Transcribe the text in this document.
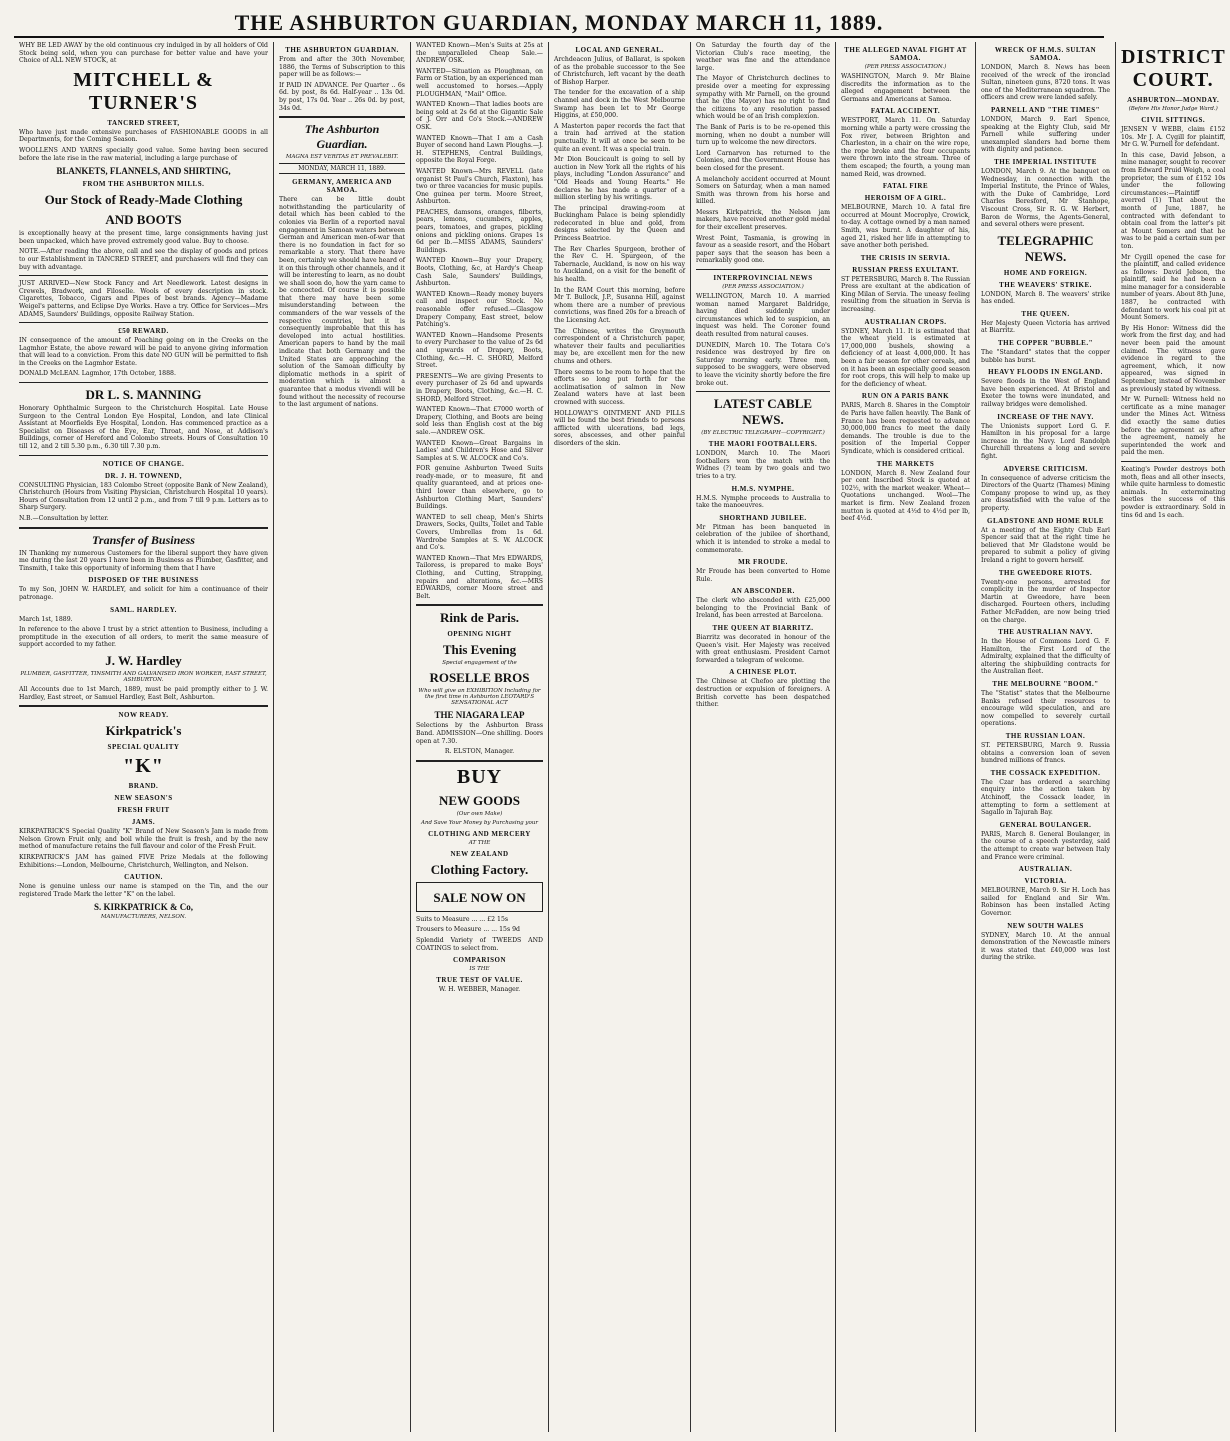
THE ASHBURTON GUARDIAN, MONDAY MARCH 11, 1889.

WHY BE LED AWAY by the old continuous cry indulged in by all holders of Old Stock being sold, when you can purchase for better value and have your Choice of ALL NEW STOCK, at

MITCHELL & TURNER'S
TANCRED STREET,

Who have just made extensive purchases of FASHIONABLE GOODS in all Departments, for the Coming Season.

WOOLLENS AND YARNS specially good value. Some having been secured before the late rise in the raw material, including a large purchase of

BLANKETS, FLANNELS, AND SHIRTING,
FROM THE ASHBURTON MILLS.
Our Stock of Ready-Made Clothing
AND BOOTS

is exceptionally heavy at the present time, large consignments having just been unpacked, which have proved extremely good value. Buy to choose.

NOTE.—After reading the above, call and see the display of goods and prices to our Establishment in TANCRED STREET, and purchasers will find they can buy with advantage.

JUST ARRIVED—New Stock Fancy and Art Needlework. Latest designs in Crewels, Bradwork, and Filoselle. Wools of every description in stock. Cigarettes, Tobacco, Cigars and Pipes of best brands. Agency—Madame Weigel's patterns, and Eclipse Dye Works. Have a try. Office for Services—Mrs ADAMS, Saunders' Buildings, opposite Railway Station.

£50 REWARD.

IN consequence of the amount of Poaching going on in the Creeks on the Lagmhor Estate, the above reward will be paid to anyone giving information that will lead to a conviction. From this date NO GUN will be permitted to fish in the Creeks on the Lagmhor Estate.

DONALD McLEAN. Lagmhor, 17th October, 1888.

DR L. S. MANNING

Honorary Ophthalmic Surgeon to the Christchurch Hospital. Late House Surgeon to the Central London Eye Hospital, London, and late Clinical Assistant at Moorfields Eye Hospital, London. Has commenced practice as a Specialist on Diseases of the Eye, Ear, Throat, and Nose, at Addison's Buildings, corner of Hereford and Colombo streets. Hours of Consultation 10 till 12, and 2 till 5.30 p.m., 6.30 till 7.30 p.m.

NOTICE OF CHANGE.
DR. J. H. TOWNEND,

CONSULTING Physician, 183 Colombo Street (opposite Bank of New Zealand), Christchurch (Hours from Visiting Physician, Christchurch Hospital 10 years). Hours of Consultation from 12 until 2 p.m., and from 7 till 9 p.m. Letters as to Sharp Surgery.

N.B.—Consultation by letter.

Transfer of Business

IN Thanking my numerous Customers for the liberal support they have given me during the last 20 years I have been in Business as Plumber, Gasfitter, and Tinsmith, I take this opportunity of informing them that I have

DISPOSED OF THE BUSINESS

To my Son, JOHN W. HARDLEY, and solicit for him a continuance of their patronage.

SAML. HARDLEY.

March 1st, 1889.

In reference to the above I trust by a strict attention to Business, including a promptitude in the execution of all orders, to merit the same measure of support accorded to my father.

J. W. Hardley
PLUMBER, GASFITTER, TINSMITH AND GALVANISED IRON WORKER, EAST STREET, ASHBURTON.

All Accounts due to 1st March, 1889, must be paid promptly either to J. W. Hardley, East street, or Samuel Hardley, East Belt, Ashburton.

NOW READY.
Kirkpatrick's
SPECIAL QUALITY
"K"
BRAND.
NEW SEASON'S
FRESH FRUIT
JAMS.

KIRKPATRICK'S Special Quality "K" Brand of New Season's Jam is made from Nelson Grown Fruit only, and boil while the fruit is fresh, and by the new method of manufacture retains the full flavour and color of the Fresh Fruit.

KIRKPATRICK'S JAM has gained FIVE Prize Medals at the following Exhibitions:—London, Melbourne, Christchurch, Wellington, and Nelson.

CAUTION.

None is genuine unless our name is stamped on the Tin, and the our registered Trade Mark the letter "K" on the label.

S. KIRKPATRICK & Co,
MANUFACTURERS, NELSON.
THE ASHBURTON GUARDIAN.

From and after the 30th November, 1886, the Terms of Subscription to this paper will be as follows:—

If PAID IN ADVANCE. Per Quarter .. 6s 6d. by post, 8s 6d. Half-year .. 13s 0d. by post, 17s 0d. Year .. 26s 0d. by post, 34s 0d.

The Ashburton Guardian.
MAGNA EST VERITAS ET PREVALEBIT.
MONDAY, MARCH 11, 1889.
GERMANY, AMERICA AND SAMOA.

There can be little doubt notwithstanding the particularity of detail which has been cabled to the colonies via Berlin of a reported naval engagement in Samoan waters between German and American men-of-war that there is no foundation in fact for so remarkable a story. That there have been, certainly we should have heard of it on this through other channels, and it will be interesting to learn, as no doubt we shall soon do, how the yarn came to be concocted. Of course it is possible that there may have been some misunderstanding between the commanders of the war vessels of the respective countries, but it is consequently improbable that this has developed into actual hostilities. American papers to hand by the mail indicate that both Germany and the United States are approaching the solution of the Samoan difficulty by diplomatic methods in a spirit of moderation which is almost a guarantee that a modus vivendi will be found without the necessity of recourse to the last argument of nations.

WANTED Known—Men's Suits at 25s at the unparalleled Cheap Sale.—ANDREW OSK.

WANTED—Situation as Ploughman, on Farm or Station, by an experienced man well accustomed to horses.—Apply PLOUGHMAN, "Mail" Office.

WANTED Known—That ladies boots are being sold at 2s 6d at the Gigantic Sale of J. Orr and Co's Stock.—ANDREW OSK.

WANTED Known—That I am a Cash Buyer of second hand Lawn Ploughs.—J. H. STEPHENS, Central Buildings, opposite the Royal Forge.

WANTED Known—Mrs REVELL (late organist St Paul's Church, Flaxton), has two or three vacancies for music pupils. One guinea per term. Moore Street, Ashburton.

PEACHES, damsons, oranges, filberts, pears, lemons, cucumbers, apples, pears, tomatoes, and grapes, pickling onions and pickling onions. Grapes 1s 6d per lb.—MISS ADAMS, Saunders' Buildings.

WANTED Known—Buy your Drapery, Boots, Clothing, &c, at Hardy's Cheap Cash Sale, Saunders' Buildings, Ashburton.

WANTED Known—Ready money buyers call and inspect our Stock. No reasonable offer refused.—Glasgow Drapery Company, East street, below Patching's.

WANTED Known—Handsome Presents to every Purchaser to the value of 2s 6d and upwards of Drapery, Boots, Clothing, &c.—H. C. SHORD, Melford Street.

PRESENTS—We are giving Presents to every purchaser of 2s 6d and upwards in Drapery, Boots, Clothing, &c.—H. C. SHORD, Melford Street.

WANTED Known—That £7000 worth of Drapery, Clothing, and Boots are being sold less than English cost at the big sale.—ANDREW OSK.

WANTED Known—Great Bargains in Ladies' and Children's Hose and Silver Samples at S. W. ALCOCK and Co's.

FOR genuine Ashburton Tweed Suits ready-made, or to measure, fit and quality guaranteed, and at prices one-third lower than elsewhere, go to Ashburton Clothing Mart, Saunders' Buildings.

WANTED to sell cheap, Men's Shirts Drawers, Socks, Quilts, Toilet and Table Covers, Umbrellas from 1s 6d. Wardrobe Samples at S. W. ALCOCK and Co's.

WANTED Known—That Mrs EDWARDS, Tailoress, is prepared to make Boys' Clothing, and Cutting, Strapping, repairs and alterations, &c.—MRS EDWARDS, corner Moore street and Belt.

Rink de Paris.
OPENING NIGHT
This Evening
Special engagement of the
ROSELLE BROS
Who will give an EXHIBITION Including for the first time in Ashburton LEOTARD'S SENSATIONAL ACT
THE NIAGARA LEAP

Selections by the Ashburton Brass Band. ADMISSION—One shilling. Doors open at 7.30.

R. ELSTON, Manager.

BUY
NEW GOODS
(Our own Make)
And Save Your Money by Purchasing your
CLOTHING AND MERCERY
AT THE
NEW ZEALAND
Clothing Factory.
SALE NOW ON

Suits to Measure ... ... £2 15s

Trousers to Measure ... ... 15s 9d

Splendid Variety of TWEEDS AND COATINGS to select from.

COMPARISON
IS THE
TRUE TEST OF VALUE.

W. H. WEBBER, Manager.

LOCAL AND GENERAL.

Archdeacon Julius, of Ballarat, is spoken of as the probable successor to the See of Christchurch, left vacant by the death of Bishop Harper.

The tender for the excavation of a ship channel and dock in the West Melbourne Swamp has been let to Mr George Higgins, at £50,000.

A Masterton paper records the fact that a train had arrived at the station punctually. It will at once be seen to be quite an event. It was a special train.

Mr Dion Boucicault is going to sell by auction in New York all the rights of his plays, including "London Assurance" and "Old Heads and Young Hearts." He declares he has made a quarter of a million sterling by his writings.

The principal drawing-room at Buckingham Palace is being splendidly redecorated in blue and gold, from designs selected by the Queen and Princess Beatrice.

The Rev Charles Spurgeon, brother of the Rev C. H. Spurgeon, of the Tabernacle, Auckland, is now on his way to Auckland, on a visit for the benefit of his health.

In the RAM Court this morning, before Mr T. Bullock, J.P., Susanna Hill, against whom there are a number of previous convictions, was fined 20s for a breach of the Licensing Act.

The Chinese, writes the Greymouth correspondent of a Christchurch paper, whatever their faults and peculiarities may be, are excellent men for the new chums and others.

There seems to be room to hope that the efforts so long put forth for the acclimatisation of salmon in New Zealand waters have at last been crowned with success.

HOLLOWAY'S OINTMENT AND PILLS will be found the best friends to persons afflicted with ulcerations, bad legs, sores, abscesses, and other painful disorders of the skin.

On Saturday the fourth day of the Victorian Club's race meeting, the weather was fine and the attendance large.

The Mayor of Christchurch declines to preside over a meeting for expressing sympathy with Mr Parnell, on the ground that he (the Mayor) has no right to find the citizens to any resolution passed which would be of an Irish complexion.

The Bank of Paris is to be re-opened this morning, when no doubt a number will turn up to welcome the new directors.

Lord Carnarvon has returned to the Colonies, and the Government House has been closed for the present.

A melancholy accident occurred at Mount Somers on Saturday, when a man named Smith was thrown from his horse and killed.

Messrs Kirkpatrick, the Nelson jam makers, have received another gold medal for their excellent preserves.

Wrest Point, Tasmania, is growing in favour as a seaside resort, and the Hobart paper says that the season has been a remarkably good one.

INTERPROVINCIAL NEWS
(PER PRESS ASSOCIATION.)

WELLINGTON, March 10. A married woman named Margaret Baldridge, having died suddenly under circumstances which led to suspicion, an inquest was held. The Coroner found death resulted from natural causes.

DUNEDIN, March 10. The Totara Co's residence was destroyed by fire on Saturday morning early. Three men, supposed to be swaggers, were observed to leave the vicinity shortly before the fire broke out.

LATEST CABLE NEWS.
(BY ELECTRIC TELEGRAPH—COPYRIGHT.)
THE MAORI FOOTBALLERS.

LONDON, March 10. The Maori footballers won the match with the Widnes (?) team by two goals and two tries to a try.

H.M.S. NYMPHE.

H.M.S. Nymphe proceeds to Australia to take the manoeuvres.

SHORTHAND JUBILEE.

Mr Pitman has been banqueted in celebration of the jubilee of shorthand, which it is intended to stroke a medal to commemorate.

MR FROUDE.

Mr Froude has been converted to Home Rule.

AN ABSCONDER.

The clerk who absconded with £25,000 belonging to the Provincial Bank of Ireland, has been arrested at Barcelona.

THE QUEEN AT BIARRITZ.

Biarritz was decorated in honour of the Queen's visit. Her Majesty was received with great enthusiasm. President Carnot forwarded a telegram of welcome.

A CHINESE PLOT.

The Chinese at Chefoo are plotting the destruction or expulsion of foreigners. A British corvette has been despatched thither.

THE ALLEGED NAVAL FIGHT AT SAMOA.
(PER PRESS ASSOCIATION.)

WASHINGTON, March 9. Mr Blaine discredits the information as to the alleged engagement between the Germans and Americans at Samoa.

FATAL ACCIDENT.

WESTPORT, March 11. On Saturday morning while a party were crossing the Fox river, between Brighton and Charleston, in a chair on the wire rope, the rope broke and the four occupants were thrown into the stream. Three of them escaped; the fourth, a young man named Reid, was drowned.

FATAL FIRE
HEROISM OF A GIRL.

MELBOURNE, March 10. A fatal fire occurred at Mount Mocroplye, Crowick, to-day. A cottage owned by a man named Smith, was burnt. A daughter of his, aged 21, risked her life in attempting to save another both perished.

THE CRISIS IN SERVIA.
RUSSIAN PRESS EXULTANT.

ST PETERSBURG, March 8. The Russian Press are exultant at the abdication of King Milan of Servia. The uneasy feeling resulting from the situation in Servia is increasing.

AUSTRALIAN CROPS.

SYDNEY, March 11. It is estimated that the wheat yield is estimated at 17,000,000 bushels, showing a deficiency of at least 4,000,000. It has been a fair season for other cereals, and on it has been an especially good season for root crops, this will help to make up for the deficiency of wheat.

RUN ON A PARIS BANK

PARIS, March 8. Shares in the Comptoir de Paris have fallen heavily. The Bank of France has been requested to advance 30,000,000 francs to meet the daily demands. The trouble is due to the position of the Imperial Copper Syndicate, which is considered critical.

THE MARKETS

LONDON, March 8. New Zealand four per cent Inscribed Stock is quoted at 102½, with the market weaker. Wheat—Quotations unchanged. Wool—The market is firm. New Zealand frozen mutton is quoted at 4½d to 4½d per lb, beef 4½d.

WRECK OF H.M.S. SULTAN SAMOA.

LONDON, March 8. News has been received of the wreck of the ironclad Sultan, nineteen guns, 8720 tons. It was one of the Mediterranean squadron. The officers and crew were landed safely.

PARNELL AND "THE TIMES"

LONDON, March 9. Earl Spence, speaking at the Eighty Club, said Mr Parnell while suffering under unexampled slanders had borne them with dignity and patience.

THE IMPERIAL INSTITUTE

LONDON, March 9. At the banquet on Wednesday, in connection with the Imperial Institute, the Prince of Wales, with the Duke of Cambridge, Lord Charles Beresford, Mr Stanhope, Viscount Cross, Sir R. G. W. Herbert, Baron de Worms, the Agents-General, and several others were present.

TELEGRAPHIC NEWS.
HOME AND FOREIGN.
THE WEAVERS' STRIKE.

LONDON, March 8. The weavers' strike has ended.

THE QUEEN.

Her Majesty Queen Victoria has arrived at Biarritz.

THE COPPER "BUBBLE."

The "Standard" states that the copper bubble has burst.

HEAVY FLOODS IN ENGLAND.

Severe floods in the West of England have been experienced. At Bristol and Exeter the towns were inundated, and railway bridges were demolished.

INCREASE OF THE NAVY.

The Unionists support Lord G. F. Hamilton in his proposal for a large increase in the Navy. Lord Randolph Churchill threatens a long and severe fight.

ADVERSE CRITICISM.

In consequence of adverse criticism the Directors of the Quartz (Thames) Mining Company propose to wind up, as they are dissatisfied with the value of the property.

GLADSTONE AND HOME RULE

At a meeting of the Eighty Club Earl Spencer said that at the right time he believed that Mr Gladstone would be prepared to submit a policy of giving Ireland a right to govern herself.

THE GWEEDORE RIOTS.

Twenty-one persons, arrested for complicity in the murder of Inspector Martin at Gweedore, have been discharged. Fourteen others, including Father McFadden, are now being tried on the charge.

THE AUSTRALIAN NAVY.

In the House of Commons Lord G. F. Hamilton, the First Lord of the Admiralty, explained that the difficulty of altering the shipbuilding contracts for the Australian fleet.

THE MELBOURNE "BOOM."

The "Statist" states that the Melbourne Banks refused their resources to encourage wild speculation, and are now compelled to severely curtail operations.

THE RUSSIAN LOAN.

ST. PETERSBURG, March 9. Russia obtains a conversion loan of seven hundred millions of francs.

THE COSSACK EXPEDITION.

The Czar has ordered a searching enquiry into the action taken by Atchinoff, the Cossack leader, in attempting to form a settlement at Sagallo in Tajurah Bay.

GENERAL BOULANGER.

PARIS, March 8. General Boulanger, in the course of a speech yesterday, said the attempt to create war between Italy and France were criminal.

AUSTRALIAN.
VICTORIA.

MELBOURNE, March 9. Sir H. Loch has sailed for England and Sir Wm. Robinson has been installed Acting Governor.

NEW SOUTH WALES

SYDNEY, March 10. At the annual demonstration of the Newcastle miners it was stated that £40,000 was lost during the strike.

DISTRICT COURT.
ASHBURTON—MONDAY.
(Before His Honor Judge Ward.)
CIVIL SITTINGS.

JENSEN V WEBB, claim £152 10s. Mr J. A. Cygill for plaintiff, Mr G. W. Purnell for defendant.

In this case, David Jebson, a mine manager, sought to recover from Edward Pruid Weigh, a coal proprietor, the sum of £152 10s under the following circumstances:—Plaintiff averred (1) That about the month of June, 1887, he contracted with defendant to obtain coal from the latter's pit at Mount Somers and that he was to be paid a certain sum per ton.

Mr Cygill opened the case for the plaintiff, and called evidence as follows: David Jebson, the plaintiff, said he had been a mine manager for a considerable number of years. About 8th June, 1887, he contracted with defendant to work his coal pit at Mount Somers.

By His Honor: Witness did the work from the first day, and had never been paid the amount claimed. The witness gave evidence in regard to the agreement, which, it now appeared, was signed in September, instead of November as previously stated by witness.

Mr W. Purnell: Witness held no certificate as a mine manager under the Mines Act. Witness did exactly the same duties before the agreement as after the agreement, namely he superintended the work and paid the men.

Keating's Powder destroys both moth, fleas and all other insects, while quite harmless to domestic animals. In exterminating beetles the success of this powder is extraordinary. Sold in tins 6d and 1s each.
